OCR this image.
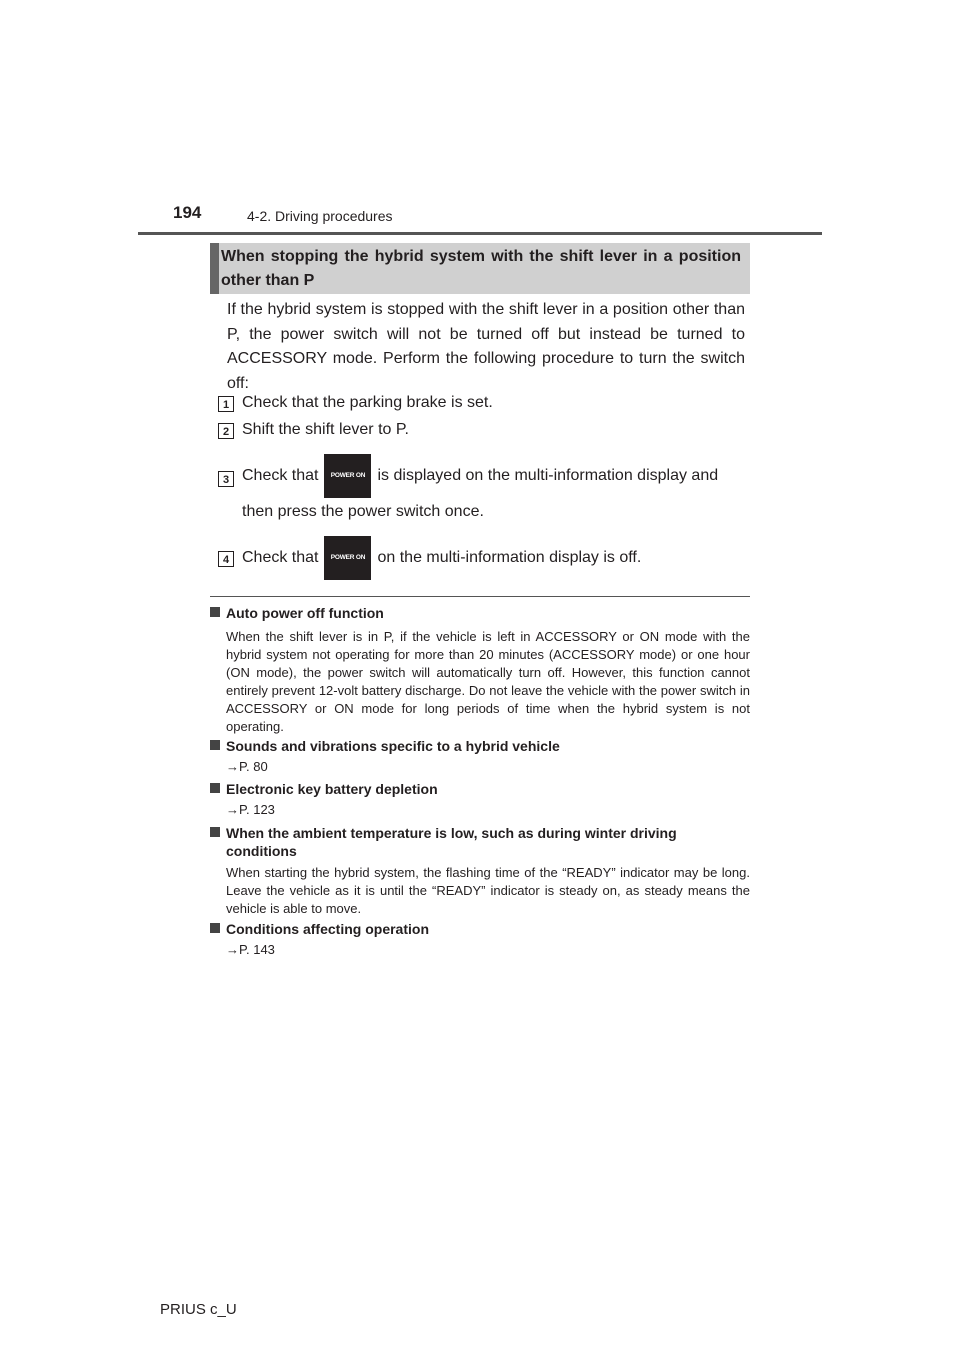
194	4-2. Driving procedures
When stopping the hybrid system with the shift lever in a position other than P
If the hybrid system is stopped with the shift lever in a position other than P, the power switch will not be turned off but instead be turned to ACCESSORY mode. Perform the following procedure to turn the switch off:
1 Check that the parking brake is set.
2 Shift the shift lever to P.
3 Check that POWER ON is displayed on the multi-information display and
then press the power switch once.
4 Check that POWER ON on the multi-information display is off.
Auto power off function
When the shift lever is in P, if the vehicle is left in ACCESSORY or ON mode with the hybrid system not operating for more than 20 minutes (ACCESSORY mode) or one hour (ON mode), the power switch will automatically turn off. However, this function cannot entirely prevent 12-volt battery discharge. Do not leave the vehicle with the power switch in ACCESSORY or ON mode for long periods of time when the hybrid system is not operating.
Sounds and vibrations specific to a hybrid vehicle
→P. 80
Electronic key battery depletion
→P. 123
When the ambient temperature is low, such as during winter driving conditions
When starting the hybrid system, the flashing time of the “READY” indicator may be long. Leave the vehicle as it is until the “READY” indicator is steady on, as steady means the vehicle is able to move.
Conditions affecting operation
→P. 143
PRIUS c_U
